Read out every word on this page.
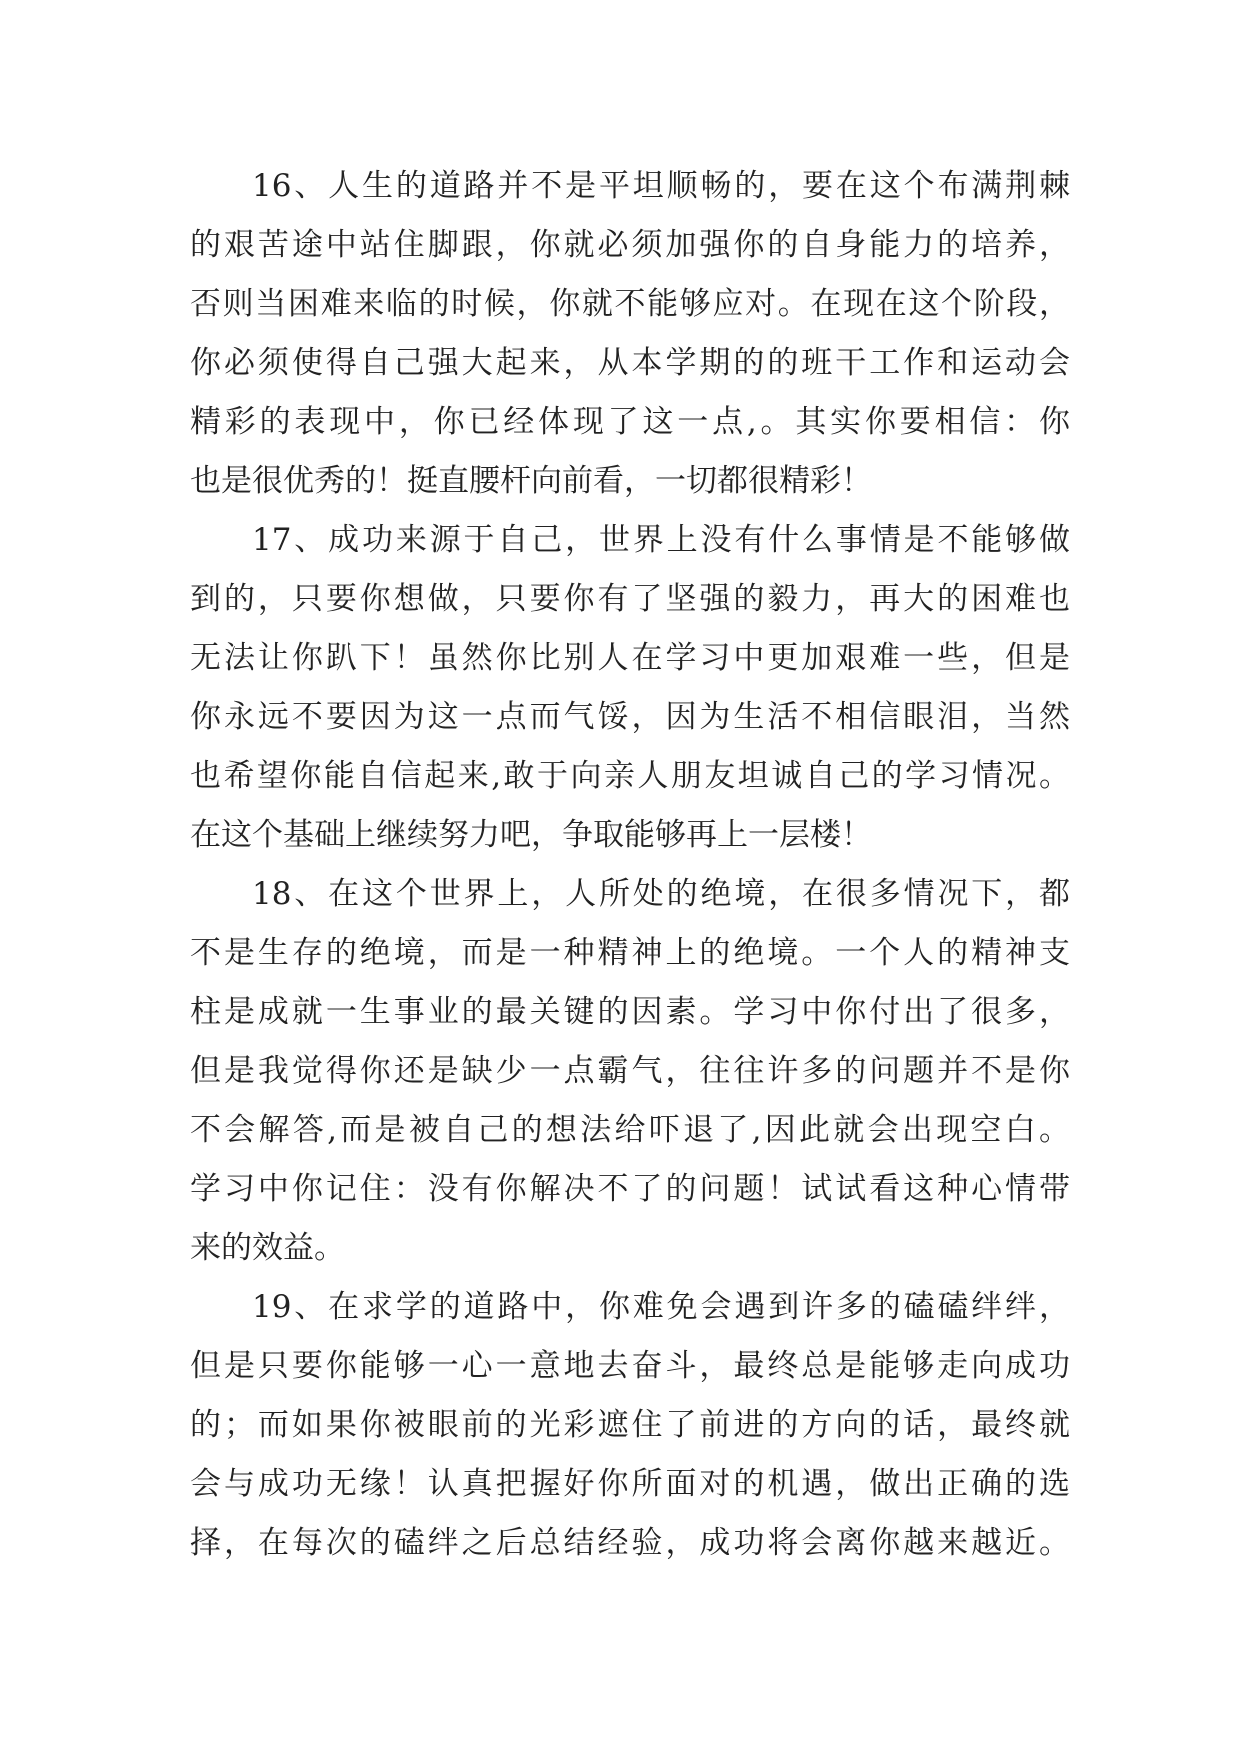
16、人生的道路并不是平坦顺畅的，要在这个布满荆棘
的艰苦途中站住脚跟，你就必须加强你的自身能力的培养，
否则当困难来临的时候，你就不能够应对。在现在这个阶段，
你必须使得自己强大起来，从本学期的的班干工作和运动会
精彩的表现中，你已经体现了这一点,。其实你要相信：你
也是很优秀的！挺直腰杆向前看，一切都很精彩！
17、成功来源于自己，世界上没有什么事情是不能够做
到的，只要你想做，只要你有了坚强的毅力，再大的困难也
无法让你趴下！虽然你比别人在学习中更加艰难一些，但是
你永远不要因为这一点而气馁，因为生活不相信眼泪，当然
也希望你能自信起来,敢于向亲人朋友坦诚自己的学习情况。
在这个基础上继续努力吧，争取能够再上一层楼！
18、在这个世界上，人所处的绝境，在很多情况下，都
不是生存的绝境，而是一种精神上的绝境。一个人的精神支
柱是成就一生事业的最关键的因素。学习中你付出了很多，
但是我觉得你还是缺少一点霸气，往往许多的问题并不是你
不会解答,而是被自己的想法给吓退了,因此就会出现空白。
学习中你记住：没有你解决不了的问题！试试看这种心情带
来的效益。
19、在求学的道路中，你难免会遇到许多的磕磕绊绊，
但是只要你能够一心一意地去奋斗，最终总是能够走向成功
的；而如果你被眼前的光彩遮住了前进的方向的话，最终就
会与成功无缘！认真把握好你所面对的机遇，做出正确的选
择，在每次的磕绊之后总结经验，成功将会离你越来越近。
